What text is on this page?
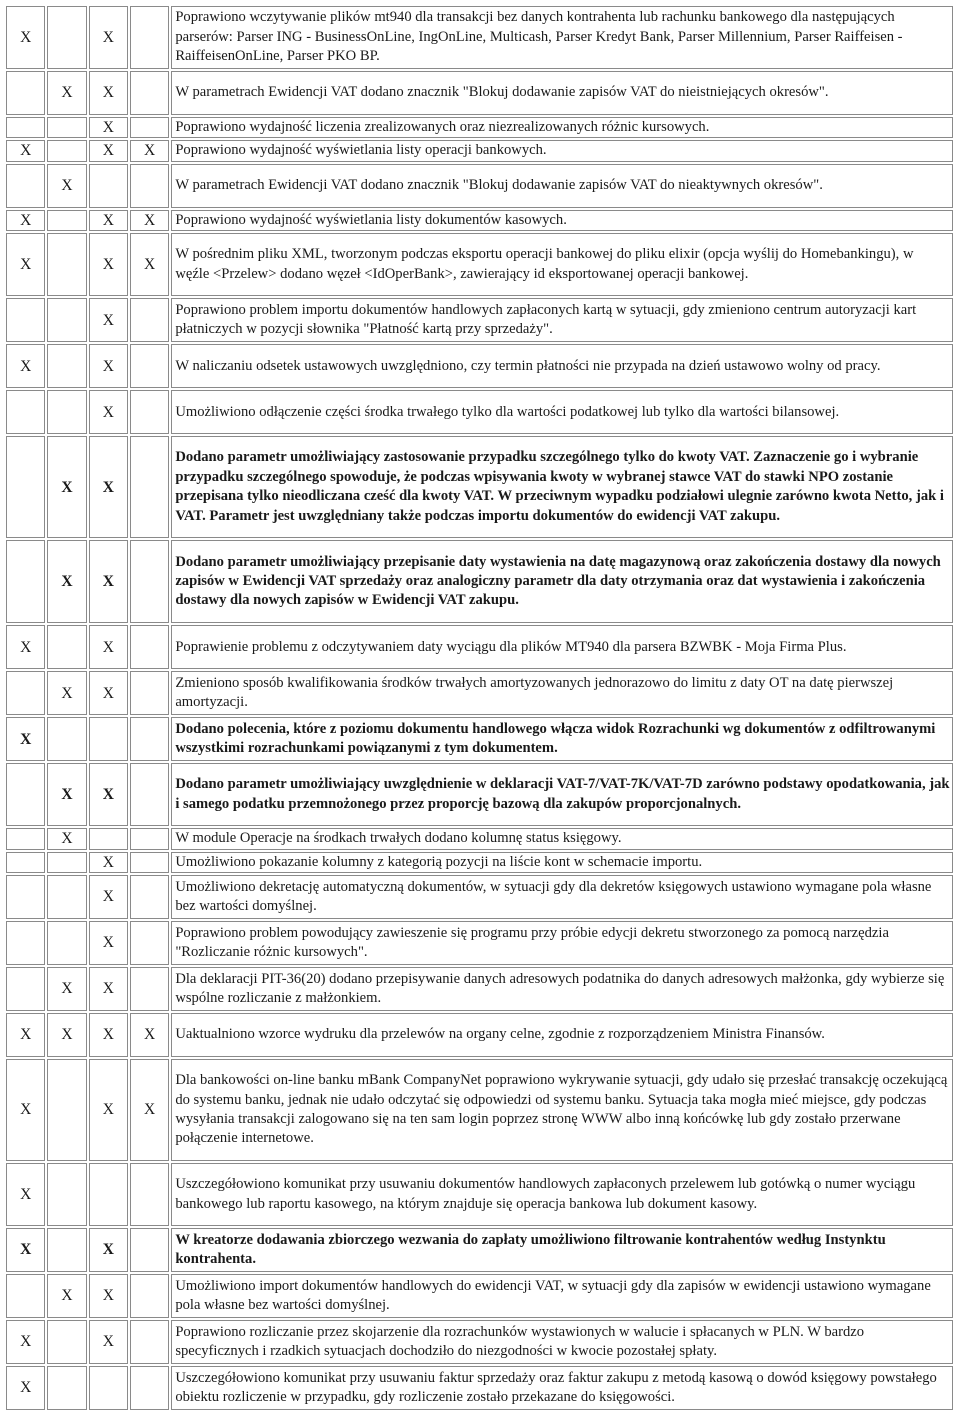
X		X		Poprawiono wczytywanie plików mt940 dla transakcji bez danych kontrahenta lub rachunku bankowego dla następujących parserów: Parser ING - BusinessOnLine, IngOnLine, Multicash, Parser Kredyt Bank, Parser Millennium, Parser Raiffeisen - RaiffeisenOnLine, Parser PKO BP.
	X	X		W parametrach Ewidencji VAT dodano znacznik "Blokuj dodawanie zapisów VAT do nieistniejących okresów".
		X		Poprawiono wydajność liczenia zrealizowanych oraz niezrealizowanych różnic kursowych.
X		X	X	Poprawiono wydajność wyświetlania listy operacji bankowych.
	X			W parametrach Ewidencji VAT dodano znacznik "Blokuj dodawanie zapisów VAT do nieaktywnych okresów".
X		X	X	Poprawiono wydajność wyświetlania listy dokumentów kasowych.
X		X	X	W pośrednim pliku XML, tworzonym podczas eksportu operacji bankowej do pliku elixir (opcja wyślij do Homebankingu), w węźle <Przelew> dodano węzeł <IdOperBank>, zawierający id eksportowanej operacji bankowej.
		X		Poprawiono problem importu dokumentów handlowych zapłaconych kartą w sytuacji, gdy zmieniono centrum autoryzacji kart płatniczych w pozycji słownika "Płatność kartą przy sprzedaży".
X		X		W naliczaniu odsetek ustawowych uwzględniono, czy termin płatności nie przypada na dzień ustawowo wolny od pracy.
		X		Umożliwiono odłączenie części środka trwałego tylko dla wartości podatkowej lub tylko dla wartości bilansowej.
	X	X		Dodano parametr umożliwiający zastosowanie przypadku szczególnego tylko do kwoty VAT. Zaznaczenie go i wybranie przypadku szczególnego spowoduje, że podczas wpisywania kwoty w wybranej stawce VAT do stawki NPO zostanie przepisana tylko nieodliczana cześć dla kwoty VAT. W przeciwnym wypadku podziałowi ulegnie zarówno kwota Netto, jak i VAT. Parametr jest uwzględniany także podczas importu dokumentów do ewidencji VAT zakupu.
	X	X		Dodano parametr umożliwiający przepisanie daty wystawienia na datę magazynową oraz zakończenia dostawy dla nowych zapisów w Ewidencji VAT sprzedaży oraz analogiczny parametr dla daty otrzymania oraz dat wystawienia i zakończenia dostawy dla nowych zapisów w Ewidencji VAT zakupu.
X		X		Poprawienie problemu z odczytywaniem daty wyciągu dla plików MT940 dla parsera BZWBK - Moja Firma Plus.
	X	X		Zmieniono sposób kwalifikowania środków trwałych amortyzowanych jednorazowo do limitu z daty OT na datę pierwszej amortyzacji.
X				Dodano polecenia, które z poziomu dokumentu handlowego włącza widok Rozrachunki wg dokumentów z odfiltrowanymi wszystkimi rozrachunkami powiązanymi z tym dokumentem.
	X	X		Dodano parametr umożliwiający uwzględnienie w deklaracji VAT-7/VAT-7K/VAT-7D zarówno podstawy opodatkowania, jak i samego podatku przemnożonego przez proporcję bazową dla zakupów proporcjonalnych.
	X			W module Operacje na środkach trwałych dodano kolumnę status księgowy.
		X		Umożliwiono pokazanie kolumny z kategorią pozycji na liście kont w schemacie importu.
		X		Umożliwiono dekretację automatyczną dokumentów, w sytuacji gdy dla dekretów księgowych ustawiono wymagane pola własne bez wartości domyślnej.
		X		Poprawiono problem powodujący zawieszenie się programu przy próbie edycji dekretu stworzonego za pomocą narzędzia "Rozliczanie różnic kursowych".
	X	X		Dla deklaracji PIT-36(20) dodano przepisywanie danych adresowych podatnika do danych adresowych małżonka, gdy wybierze się wspólne rozliczanie z małżonkiem.
X	X	X	X	Uaktualniono wzorce wydruku dla przelewów na organy celne, zgodnie z rozporządzeniem Ministra Finansów.
X		X	X	Dla bankowości on-line banku mBank CompanyNet poprawiono wykrywanie sytuacji, gdy udało się przesłać transakcję oczekującą do systemu banku, jednak nie udało odczytać się odpowiedzi od systemu banku. Sytuacja taka mogła mieć miejsce, gdy podczas wysyłania transakcji zalogowano się na ten sam login poprzez stronę WWW albo inną końcówkę lub gdy zostało przerwane połączenie internetowe.
X				Uszczegółowiono komunikat przy usuwaniu dokumentów handlowych zapłaconych przelewem lub gotówką o numer wyciągu bankowego lub raportu kasowego, na którym znajduje się operacja bankowa lub dokument kasowy.
X		X		W kreatorze dodawania zbiorczego wezwania do zapłaty umożliwiono filtrowanie kontrahentów według Instynktu kontrahenta.
	X	X		Umożliwiono import dokumentów handlowych do ewidencji VAT, w sytuacji gdy dla zapisów w ewidencji ustawiono wymagane pola własne bez wartości domyślnej.
X		X		Poprawiono rozliczanie przez skojarzenie dla rozrachunków wystawionych w walucie i spłacanych w PLN. W bardzo specyficznych i rzadkich sytuacjach dochodziło do niezgodności w kwocie pozostałej spłaty.
X				Uszczegółowiono komunikat przy usuwaniu faktur sprzedaży oraz faktur zakupu z metodą kasową o dowód księgowy powstałego obiektu rozliczenie w przypadku, gdy rozliczenie zostało przekazane do księgowości.
